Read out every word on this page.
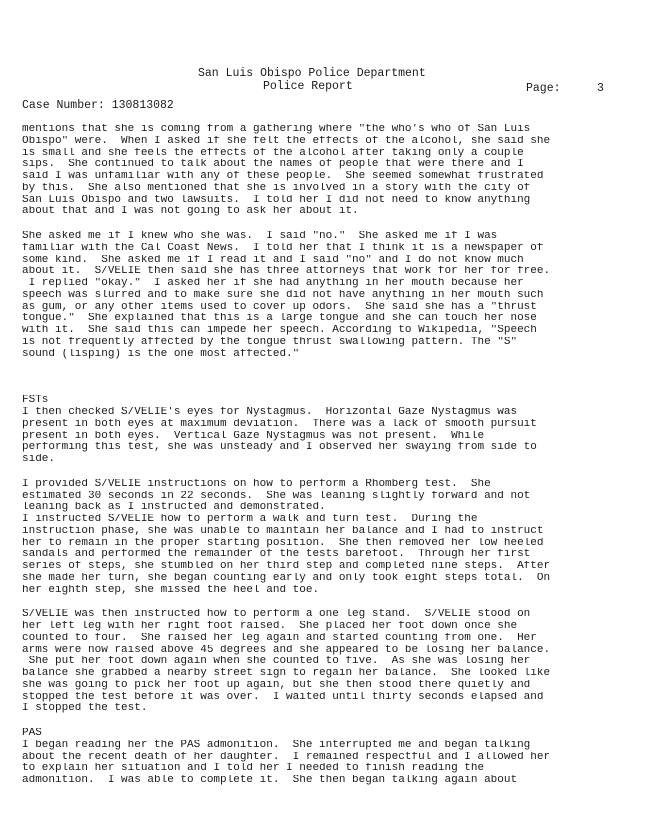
San Luis Obispo Police Department
Police Report	Page:	3
Case Number: 130813082
mentions that she is coming from a gathering where "the who's who of San Luis
Obispo" were.  When I asked if she felt the effects of the alcohol, she said she
is small and she feels the effects of the alcohol after taking only a couple
sips.  She continued to talk about the names of people that were there and I
said I was unfamiliar with any of these people.  She seemed somewhat frustrated
by this.  She also mentioned that she is involved in a story with the city of
San Luis Obispo and two lawsuits.  I told her I did not need to know anything
about that and I was not going to ask her about it.
She asked me if I knew who she was.  I said "no."  She asked me if I was
familiar with the Cal Coast News.  I told her that I think it is a newspaper of
some kind.  She asked me if I read it and I said "no" and I do not know much
about it.  S/VELIE then said she has three attorneys that work for her for free.
I replied "okay."  I asked her if she had anything in her mouth because her
speech was slurred and to make sure she did not have anything in her mouth such
as gum, or any other items used to cover up odors.  She said she has a "thrust
tongue."  She explained that this is a large tongue and she can touch her nose
with it.  She said this can impede her speech. According to Wikipedia, "Speech
is not frequently affected by the tongue thrust swallowing pattern. The "S"
sound (lisping) is the one most affected."
FSTs
I then checked S/VELIE's eyes for Nystagmus.  Horizontal Gaze Nystagmus was
present in both eyes at maximum deviation.  There was a lack of smooth pursuit
present in both eyes.  Vertical Gaze Nystagmus was not present.  While
performing this test, she was unsteady and I observed her swaying from side to
side.
I provided S/VELIE instructions on how to perform a Rhomberg test.  She
estimated 30 seconds in 22 seconds.  She was leaning slightly forward and not
leaning back as I instructed and demonstrated.
I instructed S/VELIE how to perform a walk and turn test.  During the
instruction phase, she was unable to maintain her balance and I had to instruct
her to remain in the proper starting position.  She then removed her low heeled
sandals and performed the remainder of the tests barefoot.  Through her first
series of steps, she stumbled on her third step and completed nine steps.  After
she made her turn, she began counting early and only took eight steps total.  On
her eighth step, she missed the heel and toe.
S/VELIE was then instructed how to perform a one leg stand.  S/VELIE stood on
her left leg with her right foot raised.  She placed her foot down once she
counted to four.  She raised her leg again and started counting from one.  Her
arms were now raised above 45 degrees and she appeared to be losing her balance.
She put her foot down again when she counted to five.  As she was losing her
balance she grabbed a nearby street sign to regain her balance.  She looked like
she was going to pick her foot up again, but she then stood there quietly and
stopped the test before it was over.  I waited until thirty seconds elapsed and
I stopped the test.
PAS
I began reading her the PAS admonition.  She interrupted me and began talking
about the recent death of her daughter.  I remained respectful and I allowed her
to explain her situation and I told her I needed to finish reading the
admonition.  I was able to complete it.  She then began talking again about
